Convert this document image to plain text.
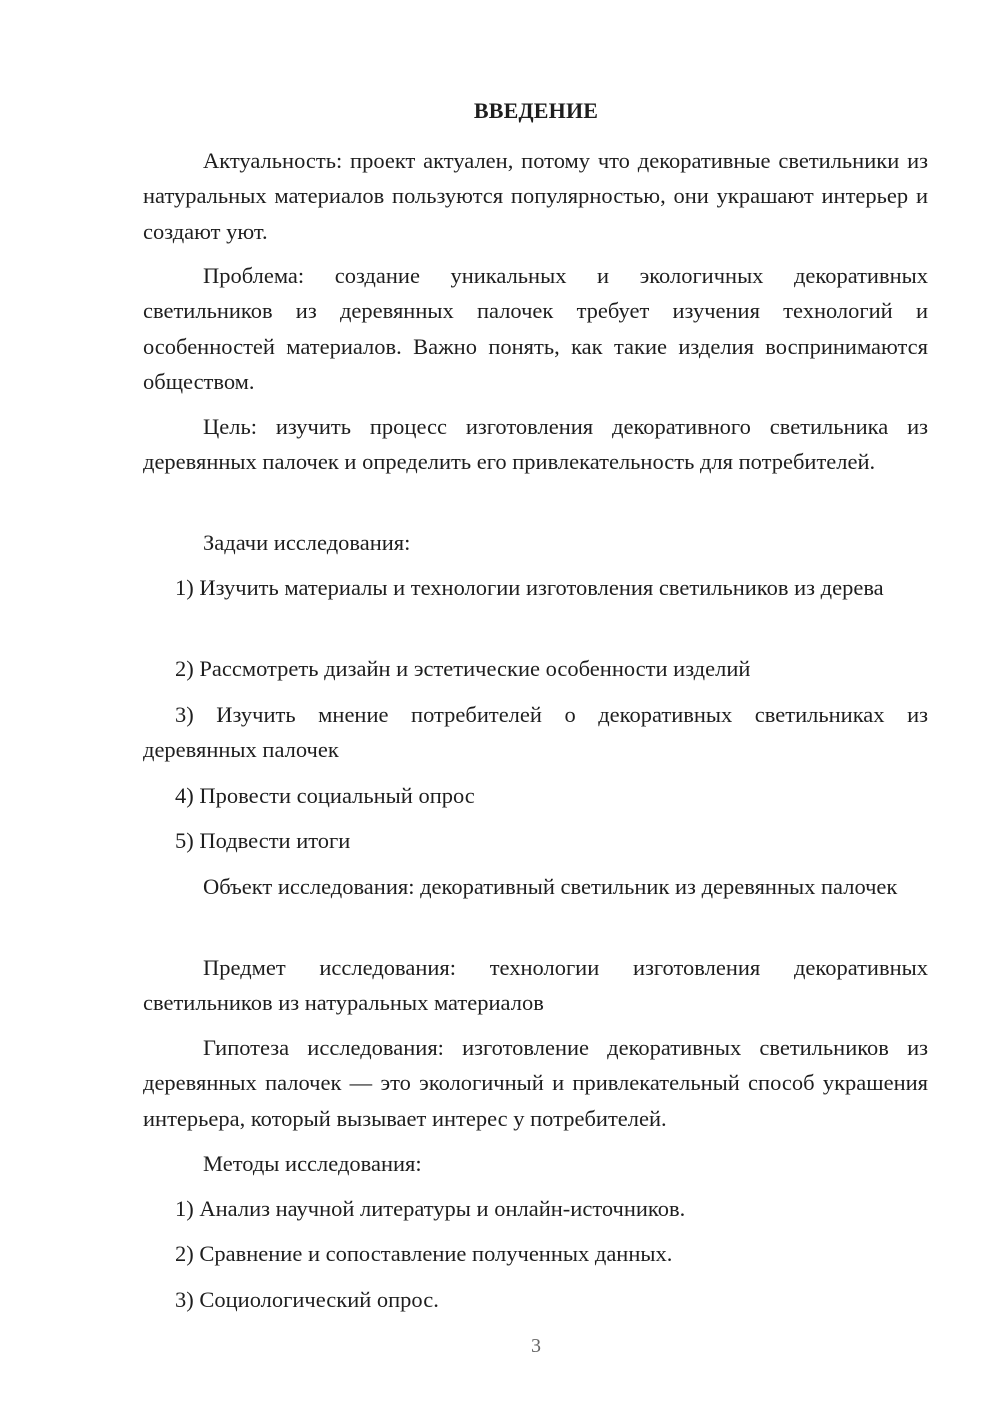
ВВЕДЕНИЕ

Актуальность: проект актуален, потому что декоративные светильники из натуральных материалов пользуются популярностью, они украшают интерьер и создают уют.

Проблема: создание уникальных и экологичных декоративных светильников из деревянных палочек требует изучения технологий и особенностей материалов. Важно понять, как такие изделия воспринимаются обществом.

Цель: изучить процесс изготовления декоративного светильника из деревянных палочек и определить его привлекательность для потребителей.

Задачи исследования:

1) Изучить материалы и технологии изготовления светильников из дерева

2) Рассмотреть дизайн и эстетические особенности изделий

3) Изучить мнение потребителей о декоративных светильниках из деревянных палочек

4) Провести социальный опрос

5) Подвести итоги

Объект исследования: декоративный светильник из деревянных палочек

Предмет исследования: технологии изготовления декоративных светильников из натуральных материалов

Гипотеза исследования: изготовление декоративных светильников из деревянных палочек — это экологичный и привлекательный способ украшения интерьера, который вызывает интерес у потребителей.

Методы исследования:

1) Анализ научной литературы и онлайн-источников.

2) Сравнение и сопоставление полученных данных.

3) Социологический опрос.

3
